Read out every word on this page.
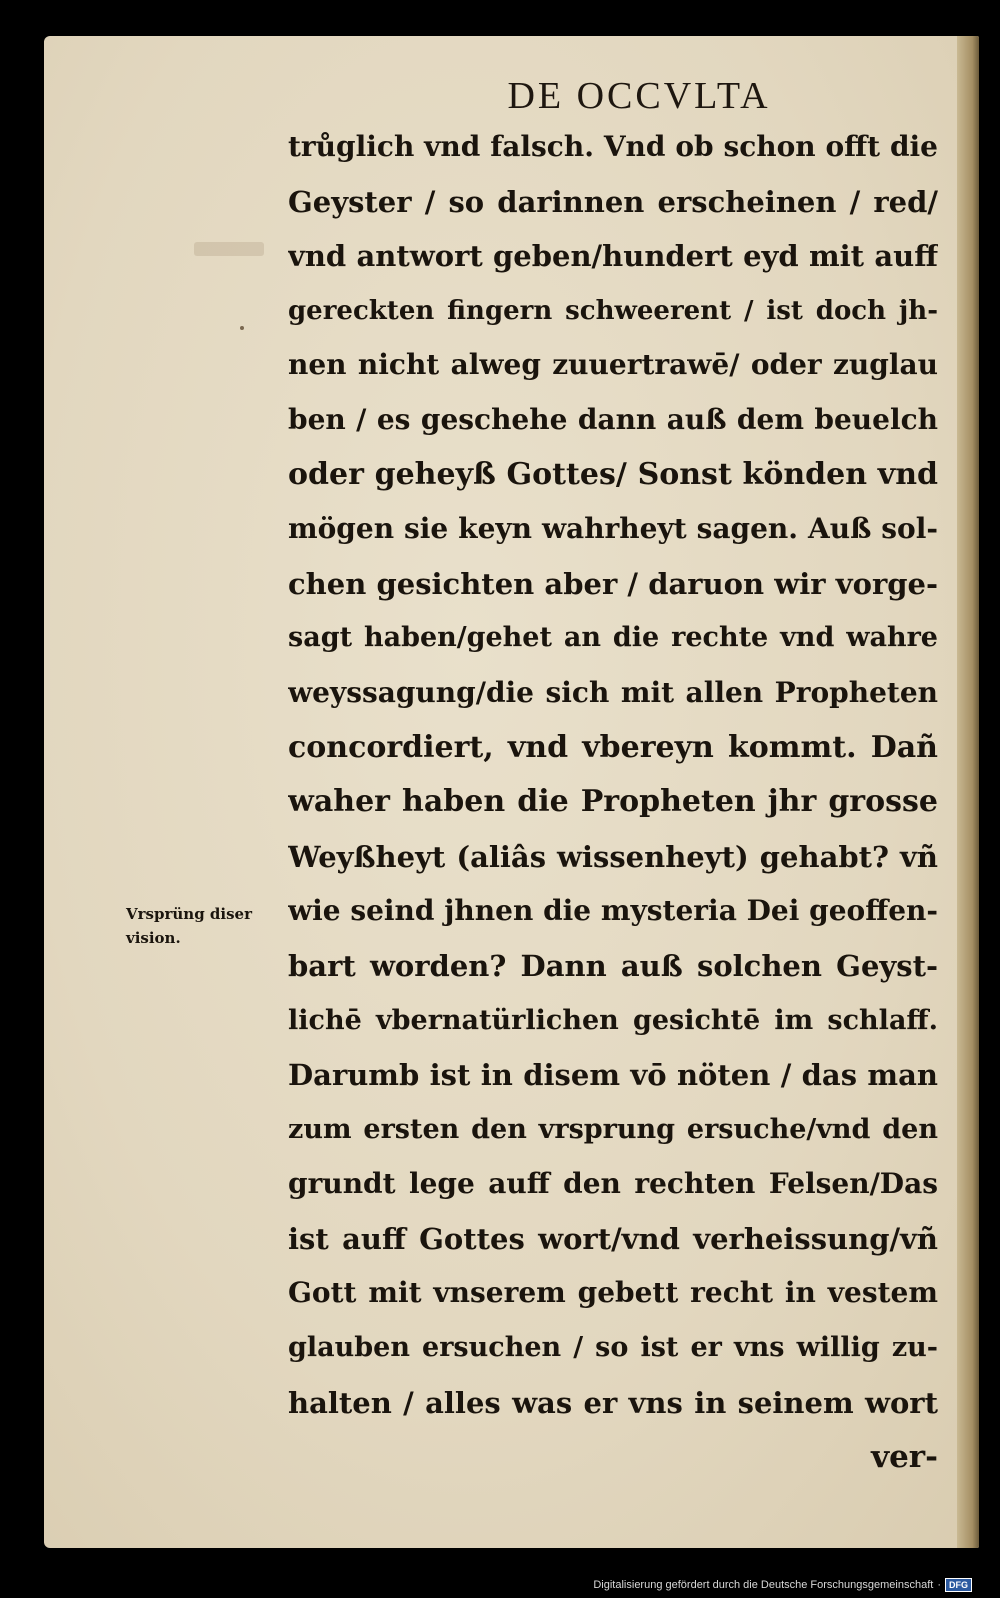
DE OCCVLTA
trůglich vnd falsch. Vnd ob schon offt die
Geyster / so darinnen erscheinen / red/
vnd antwort geben/hundert eyd mit auff
gereckten fingern schweerent / ist doch jh-
nen nicht alweg zuuertrawē/ oder zuglau
ben / es geschehe dann auß dem beuelch
oder geheyß Gottes/ Sonst könden vnd
mögen sie keyn wahrheyt sagen. Auß sol-
chen gesichten aber / daruon wir vorge-
sagt haben/gehet an die rechte vnd wahre
weyssagung/die sich mit allen Propheten
concordiert, vnd vbereyn kommt. Dañ
waher haben die Propheten jhr grosse
Weyßheyt (aliâs wissenheyt) gehabt? vñ
wie seind jhnen die mysteria Dei geoffen-
bart worden? Dann auß solchen Geyst-
lichē vbernatürlichen gesichtē im schlaff.
Darumb ist in disem vō nöten / das man
zum ersten den vrsprung ersuche/vnd den
grundt lege auff den rechten Felsen/Das
ist auff Gottes wort/vnd verheissung/vñ
Gott mit vnserem gebett recht in vestem
glauben ersuchen / so ist er vns willig zu-
halten / alles was er vns in seinem wort
ver-
Vrsprüng diser
vision.
Digitalisierung gefördert durch die Deutsche Forschungsgemeinschaft · DFG
